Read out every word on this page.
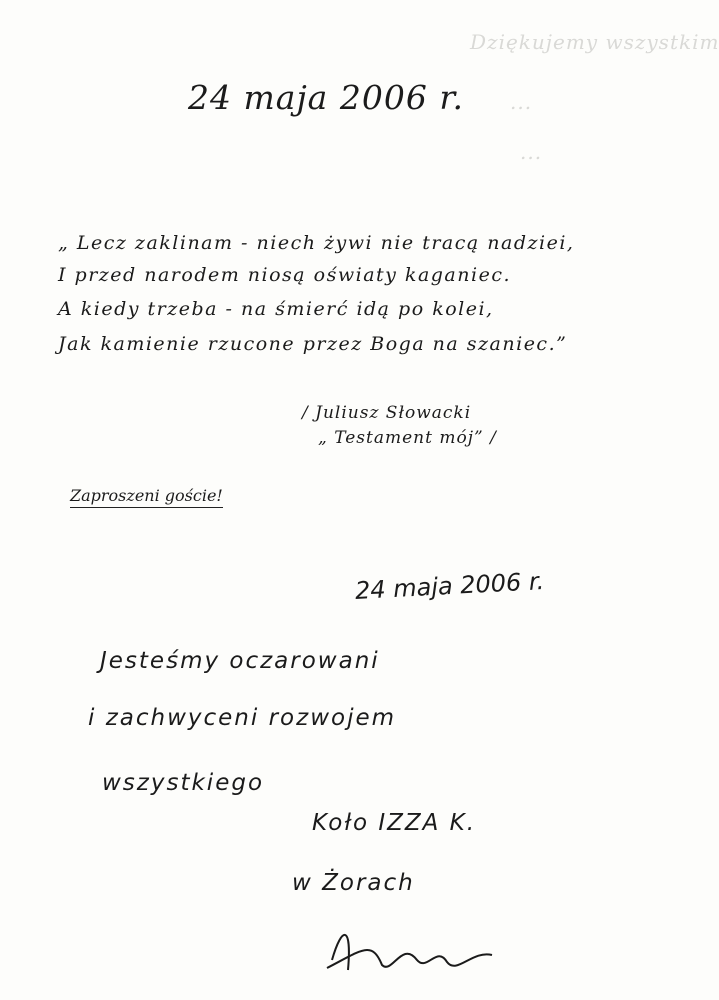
Dziękujemy wszystkim
...
...
24 maja 2006 r.
„ Lecz zaklinam - niech żywi nie tracą nadziei,
I przed narodem niosą oświaty kaganiec.
A kiedy trzeba - na śmierć idą po kolei,
Jak kamienie rzucone przez Boga na szaniec.”
/ Juliusz Słowacki
„ Testament mój” /
Zaproszeni goście!
24 maja 2006 r.
Jesteśmy oczarowani
i zachwyceni rozwojem
wszystkiego
Koło IZZA K.
w Żorach
